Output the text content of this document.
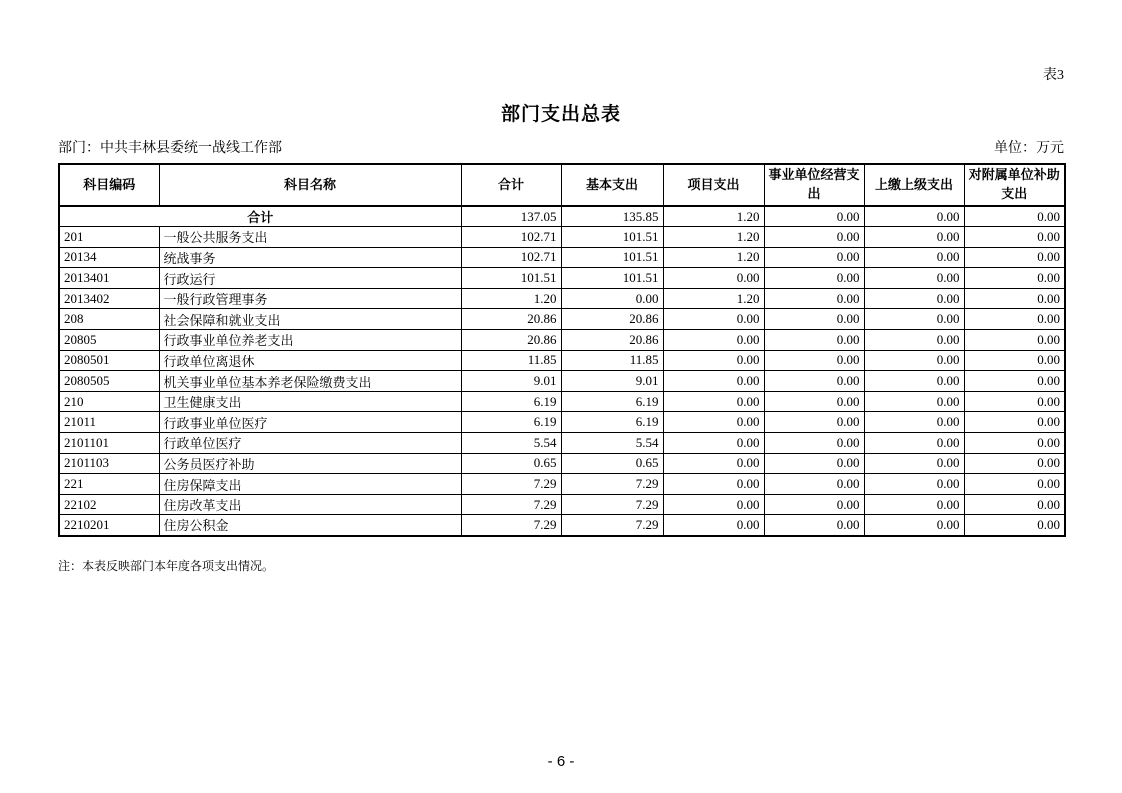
表3
部门支出总表
部门：中共丰林县委统一战线工作部	单位：万元
科目编码	科目名称	合计	基本支出	项目支出	事业单位经营支出	上缴上级支出	对附属单位补助支出
合计		137.05	135.85	1.20	0.00	0.00	0.00
201	一般公共服务支出	102.71	101.51	1.20	0.00	0.00	0.00
20134	统战事务	102.71	101.51	1.20	0.00	0.00	0.00
2013401	行政运行	101.51	101.51	0.00	0.00	0.00	0.00
2013402	一般行政管理事务	1.20	0.00	1.20	0.00	0.00	0.00
208	社会保障和就业支出	20.86	20.86	0.00	0.00	0.00	0.00
20805	行政事业单位养老支出	20.86	20.86	0.00	0.00	0.00	0.00
2080501	行政单位离退休	11.85	11.85	0.00	0.00	0.00	0.00
2080505	机关事业单位基本养老保险缴费支出	9.01	9.01	0.00	0.00	0.00	0.00
210	卫生健康支出	6.19	6.19	0.00	0.00	0.00	0.00
21011	行政事业单位医疗	6.19	6.19	0.00	0.00	0.00	0.00
2101101	行政单位医疗	5.54	5.54	0.00	0.00	0.00	0.00
2101103	公务员医疗补助	0.65	0.65	0.00	0.00	0.00	0.00
221	住房保障支出	7.29	7.29	0.00	0.00	0.00	0.00
22102	住房改革支出	7.29	7.29	0.00	0.00	0.00	0.00
2210201	住房公积金	7.29	7.29	0.00	0.00	0.00	0.00
注：本表反映部门本年度各项支出情况。
- 6 -
